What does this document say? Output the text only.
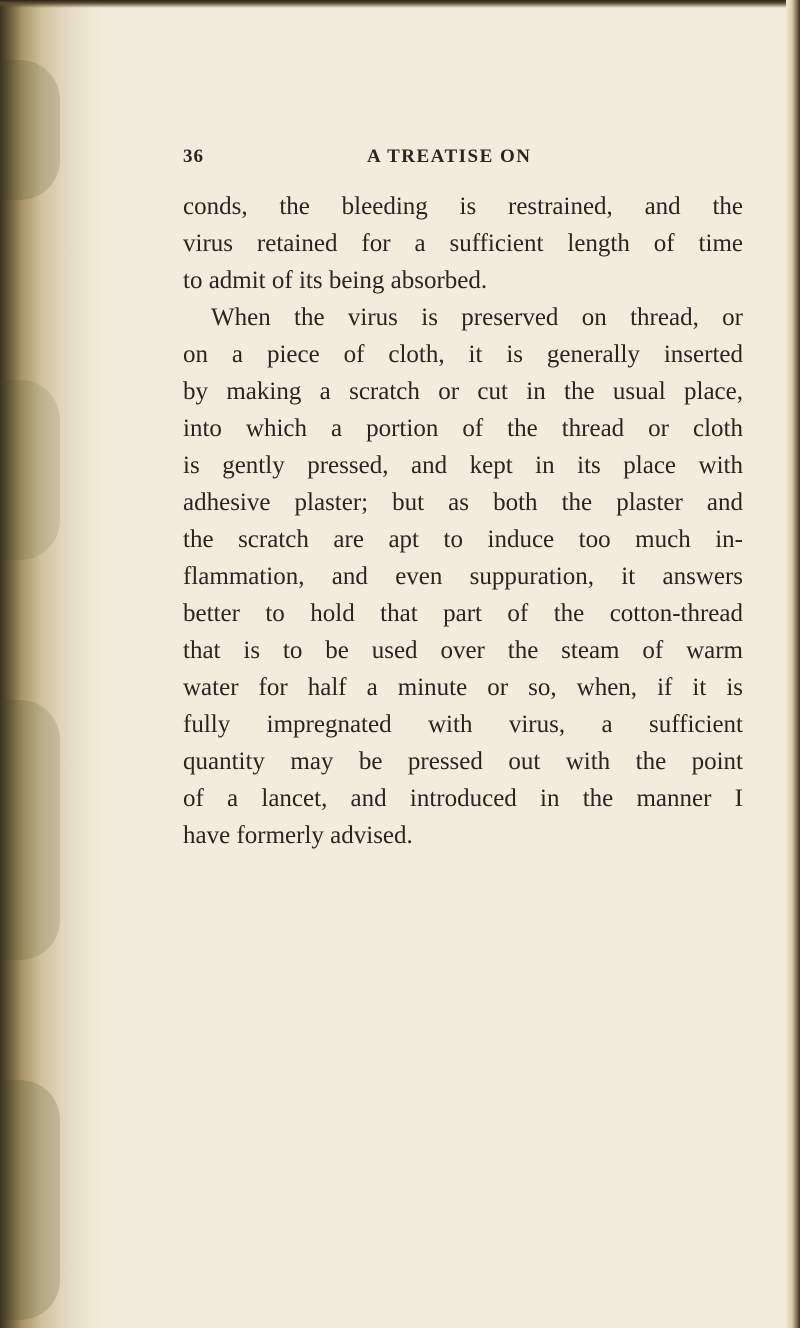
36	A TREATISE ON
conds, the bleeding is restrained, and the
virus retained for a sufficient length of time
to admit of its being absorbed.
When the virus is preserved on thread, or
on a piece of cloth, it is generally inserted
by making a scratch or cut in the usual place,
into which a portion of the thread or cloth
is gently pressed, and kept in its place with
adhesive plaster; but as both the plaster and
the scratch are apt to induce too much in-
flammation, and even suppuration, it answers
better to hold that part of the cotton-thread
that is to be used over the steam of warm
water for half a minute or so, when, if it is
fully impregnated with virus, a sufficient
quantity may be pressed out with the point
of a lancet, and introduced in the manner I
have formerly advised.
